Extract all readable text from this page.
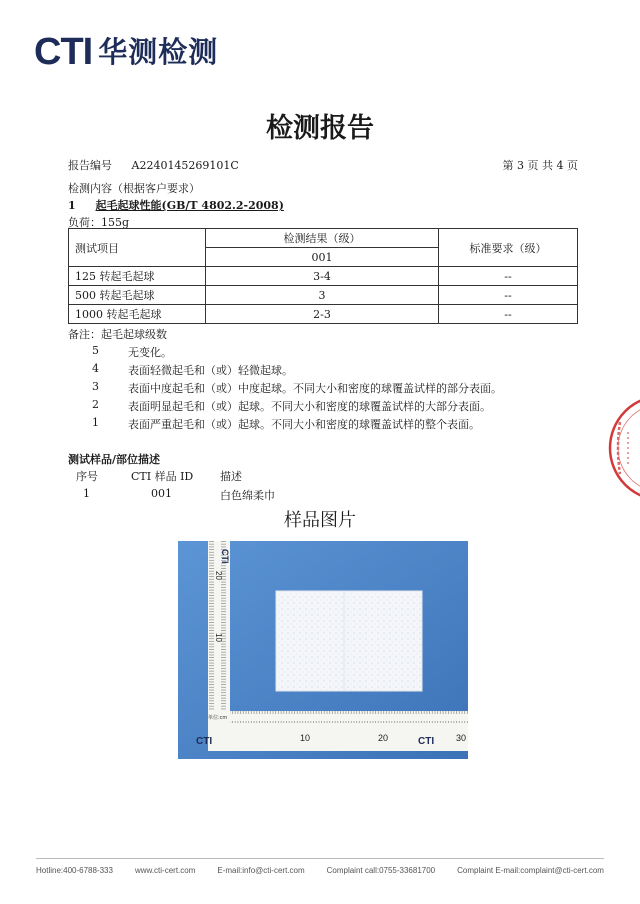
CTI 华测检测
检测报告
报告编号 A2240145269101C	第 3 页 共 4 页
检测内容（根据客户要求）
1 起毛起球性能(GB/T 4802.2-2008)
负荷：155g
测试项目	检测结果（级）	标准要求（级）
	001	
125 转起毛起球	3-4	--
500 转起毛起球	3	--
1000 转起毛起球	2-3	--
备注：起毛起球级数
5	无变化。
4	表面轻微起毛和（或）轻微起球。
3	表面中度起毛和（或）中度起球。不同大小和密度的球覆盖试样的部分表面。
2	表面明显起毛和（或）起球。不同大小和密度的球覆盖试样的大部分表面。
1	表面严重起毛和（或）起球。不同大小和密度的球覆盖试样的整个表面。
测试样品/部位描述
序号	CTI 样品 ID 描述
1	001	白色绵柔巾
样品图片
CTI
20
10
单位:cm
CTI	CTI
10	20	30
Hotline:400-6788-333	www.cti-cert.com	E-mail:info@cti-cert.com	Complaint call:0755-33681700	Complaint E-mail:complaint@cti-cert.com
